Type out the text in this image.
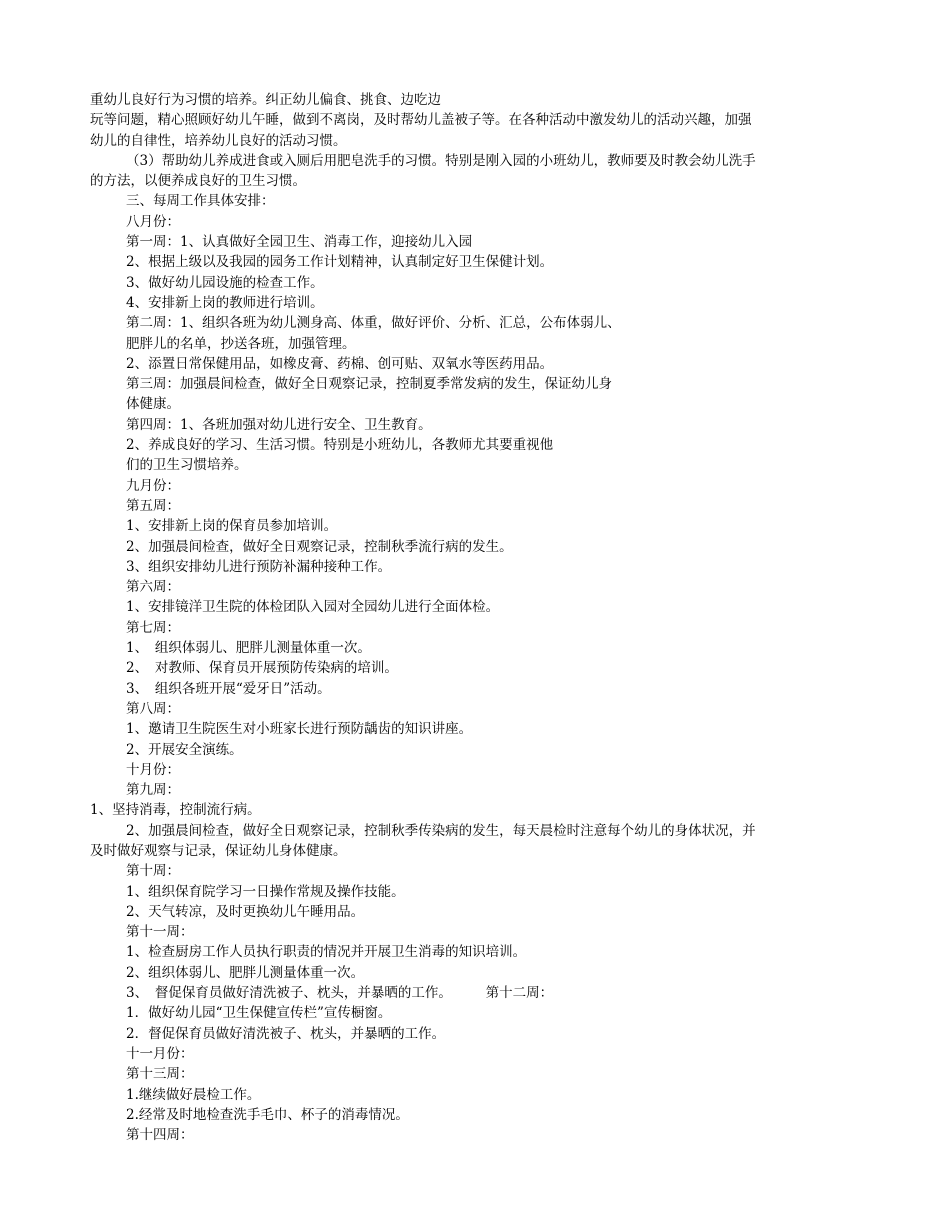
重幼儿良好行为习惯的培养。纠正幼儿偏食、挑食、边吃边
玩等问题，精心照顾好幼儿午睡，做到不离岗，及时帮幼儿盖被子等。在各种活动中激发幼儿的活动兴趣，加强
幼儿的自律性，培养幼儿良好的活动习惯。
（3）帮助幼儿养成进食或入厕后用肥皂洗手的习惯。特别是刚入园的小班幼儿，教师要及时教会幼儿洗手
的方法，以便养成良好的卫生习惯。
三、每周工作具体安排：
八月份：
第一周：1、认真做好全园卫生、消毒工作，迎接幼儿入园
2、根据上级以及我园的园务工作计划精神，认真制定好卫生保健计划。
3、做好幼儿园设施的检查工作。
4、安排新上岗的教师进行培训。
第二周：1、组织各班为幼儿测身高、体重，做好评价、分析、汇总，公布体弱儿、
肥胖儿的名单，抄送各班，加强管理。
2、添置日常保健用品，如橡皮膏、药棉、创可贴、双氧水等医药用品。
第三周：加强晨间检查，做好全日观察记录，控制夏季常发病的发生，保证幼儿身
体健康。
第四周：1、各班加强对幼儿进行安全、卫生教育。
2、养成良好的学习、生活习惯。特别是小班幼儿，各教师尤其要重视他
们的卫生习惯培养。
九月份：
第五周：
1、安排新上岗的保育员参加培训。
2、加强晨间检查，做好全日观察记录，控制秋季流行病的发生。
3、组织安排幼儿进行预防补漏种接种工作。
第六周：
1、安排镜洋卫生院的体检团队入园对全园幼儿进行全面体检。
第七周：
1、　组织体弱儿、肥胖儿测量体重一次。
2、　对教师、保育员开展预防传染病的培训。
3、　组织各班开展“爱牙日”活动。
第八周：
1、邀请卫生院医生对小班家长进行预防龋齿的知识讲座。
2、开展安全演练。
十月份：
第九周：
1、坚持消毒，控制流行病。
2、加强晨间检查，做好全日观察记录，控制秋季传染病的发生，每天晨检时注意每个幼儿的身体状况，并
及时做好观察与记录，保证幼儿身体健康。
第十周：
1、组织保育院学习一日操作常规及操作技能。
2、天气转凉，及时更换幼儿午睡用品。
第十一周：
1、检查厨房工作人员执行职责的情况并开展卫生消毒的知识培训。
2、组织体弱儿、肥胖儿测量体重一次。
3、　督促保育员做好清洗被子、枕头，并暴晒的工作。　　　第十二周：
1．做好幼儿园“卫生保健宣传栏”宣传橱窗。
2．督促保育员做好清洗被子、枕头，并暴晒的工作。
十一月份：
第十三周：
1.继续做好晨检工作。
2.经常及时地检查洗手毛巾、杯子的消毒情况。
第十四周：
